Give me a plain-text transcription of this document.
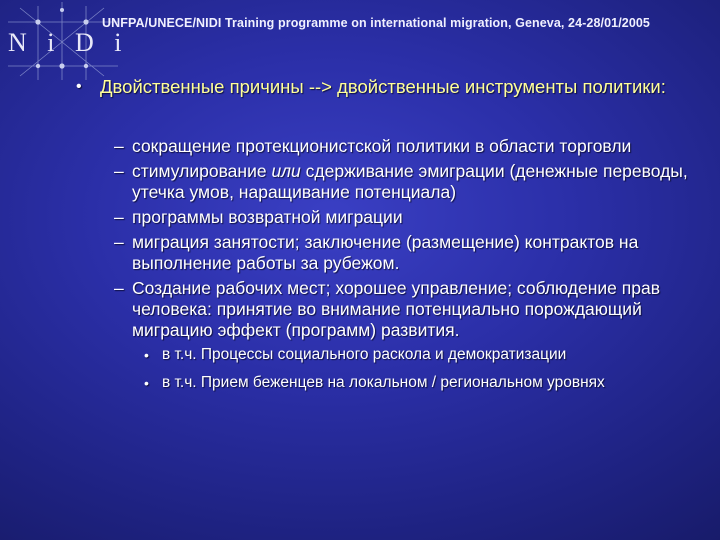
N i D i
UNFPA/UNECE/NIDI Training programme on international migration, Geneva, 24-28/01/2005
• Двойственные причины --> двойственные инструменты политики:
– сокращение протекционистской политики в области торговли
– стимулирование или сдерживание эмиграции (денежные переводы, утечка умов, наращивание потенциала)
– программы возвратной миграции
– миграция занятости; заключение (размещение) контрактов на выполнение работы за рубежом.
– Создание рабочих мест; хорошее управление; соблюдение прав человека: принятие во внимание потенциально порождающий миграцию эффект (программ) развития.
• в т.ч. Процессы социального раскола и демократизации
• в т.ч. Прием беженцев на локальном / региональном уровнях
